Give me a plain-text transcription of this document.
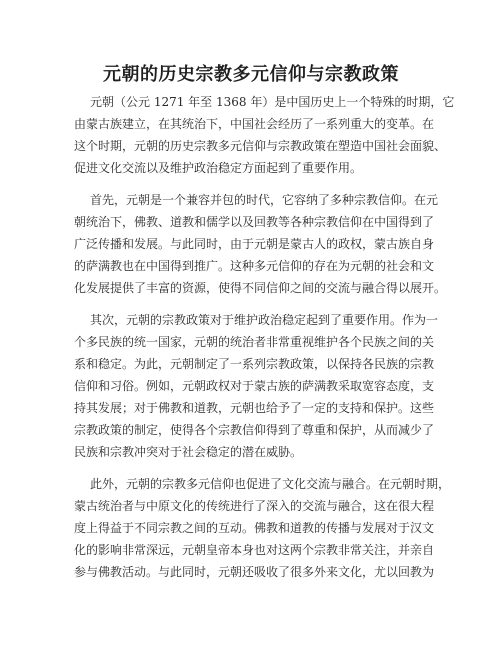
元朝的历史宗教多元信仰与宗教政策
元朝（公元 1271 年至 1368 年）是中国历史上一个特殊的时期，它
由蒙古族建立，在其统治下，中国社会经历了一系列重大的变革。在
这个时期，元朝的历史宗教多元信仰与宗教政策在塑造中国社会面貌、
促进文化交流以及维护政治稳定方面起到了重要作用。
首先，元朝是一个兼容并包的时代，它容纳了多种宗教信仰。在元
朝统治下，佛教、道教和儒学以及回教等各种宗教信仰在中国得到了
广泛传播和发展。与此同时，由于元朝是蒙古人的政权，蒙古族自身
的萨满教也在中国得到推广。这种多元信仰的存在为元朝的社会和文
化发展提供了丰富的资源，使得不同信仰之间的交流与融合得以展开。
其次，元朝的宗教政策对于维护政治稳定起到了重要作用。作为一
个多民族的统一国家，元朝的统治者非常重视维护各个民族之间的关
系和稳定。为此，元朝制定了一系列宗教政策，以保持各民族的宗教
信仰和习俗。例如，元朝政权对于蒙古族的萨满教采取宽容态度，支
持其发展；对于佛教和道教，元朝也给予了一定的支持和保护。这些
宗教政策的制定，使得各个宗教信仰得到了尊重和保护，从而减少了
民族和宗教冲突对于社会稳定的潜在威胁。
此外，元朝的宗教多元信仰也促进了文化交流与融合。在元朝时期，
蒙古统治者与中原文化的传统进行了深入的交流与融合，这在很大程
度上得益于不同宗教之间的互动。佛教和道教的传播与发展对于汉文
化的影响非常深远，元朝皇帝本身也对这两个宗教非常关注，并亲自
参与佛教活动。与此同时，元朝还吸收了很多外来文化，尤以回教为
